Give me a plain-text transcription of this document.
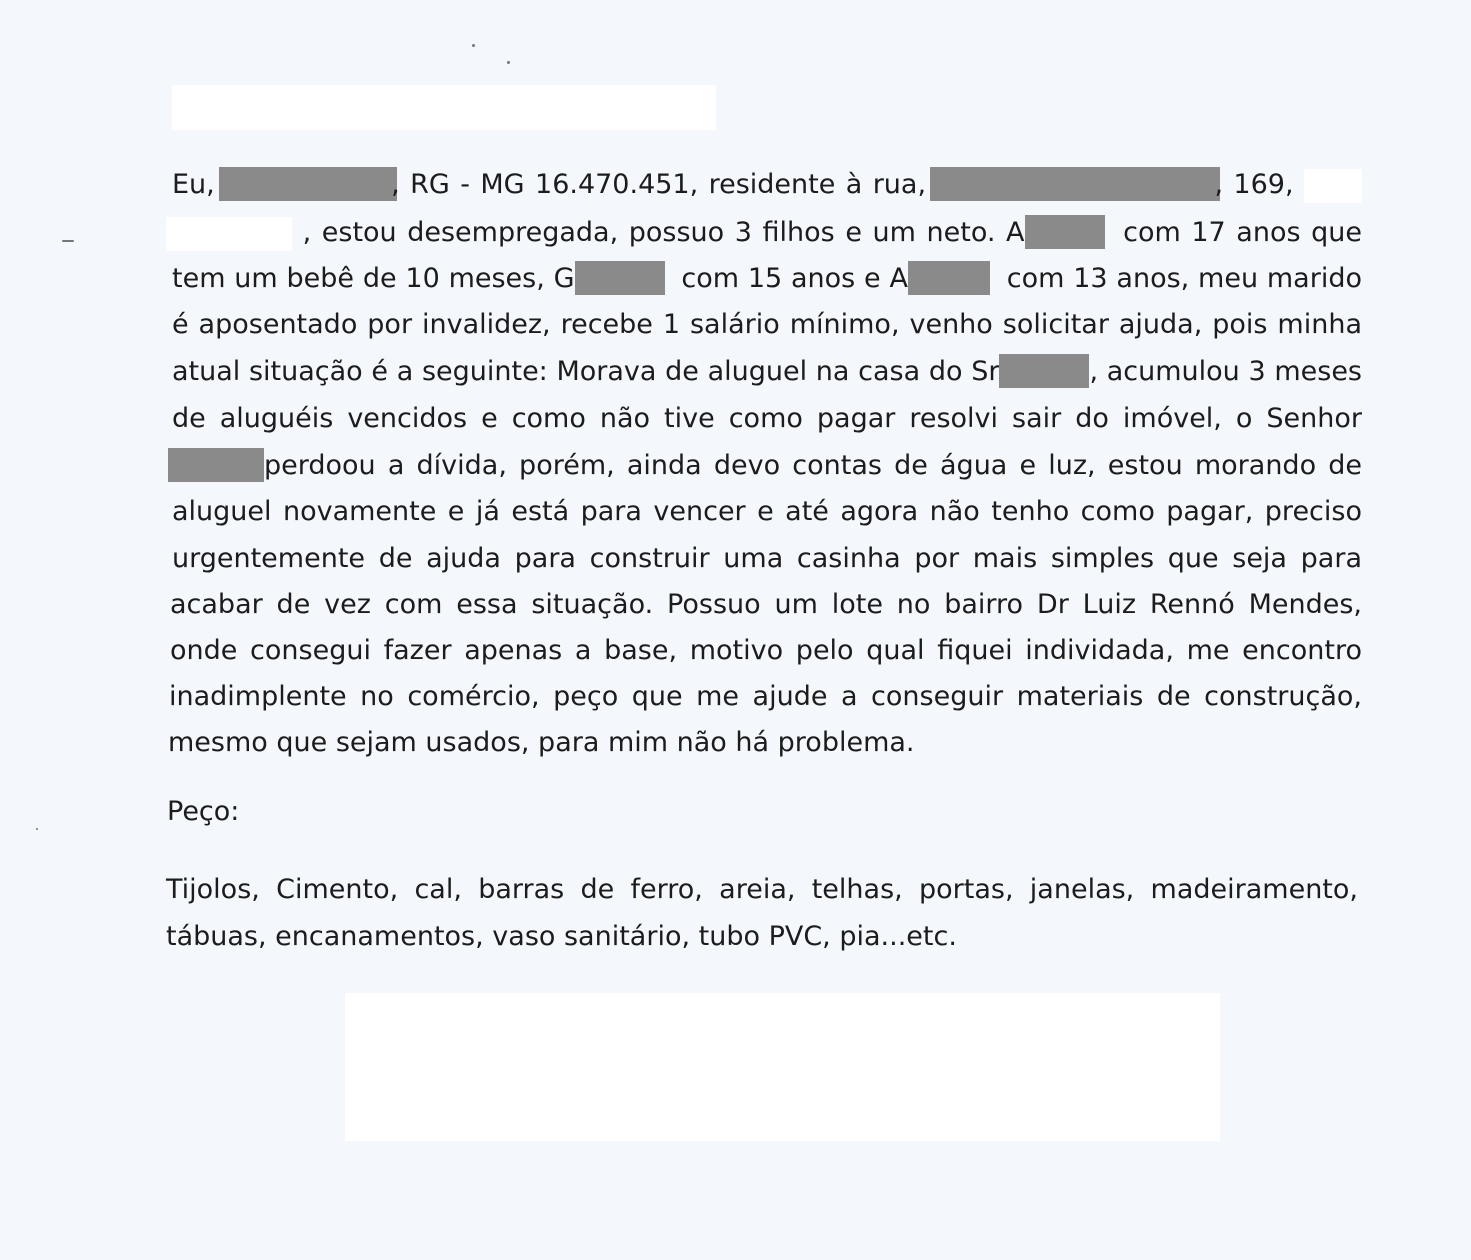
Eu,	, RG - MG 16.470.451, residente à rua,	, 169,
, estou desempregada, possuo 3 filhos e um neto. A	com 17 anos que
tem um bebê de 10 meses, G	com 15 anos e A	com 13 anos, meu marido
é aposentado por invalidez, recebe 1 salário mínimo, venho solicitar ajuda, pois minha
atual situação é a seguinte: Morava de aluguel na casa do Sr	, acumulou 3 meses
de aluguéis vencidos e como não tive como pagar resolvi sair do imóvel, o Senhor
perdoou a dívida, porém, ainda devo contas de água e luz, estou morando de
aluguel novamente e já está para vencer e até agora não tenho como pagar, preciso
urgentemente de ajuda para construir uma casinha por mais simples que seja para
acabar de vez com essa situação. Possuo um lote no bairro Dr Luiz Rennó Mendes,
onde consegui fazer apenas a base, motivo pelo qual fiquei individada, me encontro
inadimplente no comércio, peço que me ajude a conseguir materiais de construção,
mesmo que sejam usados, para mim não há problema.
Peço:
Tijolos, Cimento, cal, barras de ferro, areia, telhas, portas, janelas, madeiramento,
tábuas, encanamentos, vaso sanitário, tubo PVC, pia...etc.
